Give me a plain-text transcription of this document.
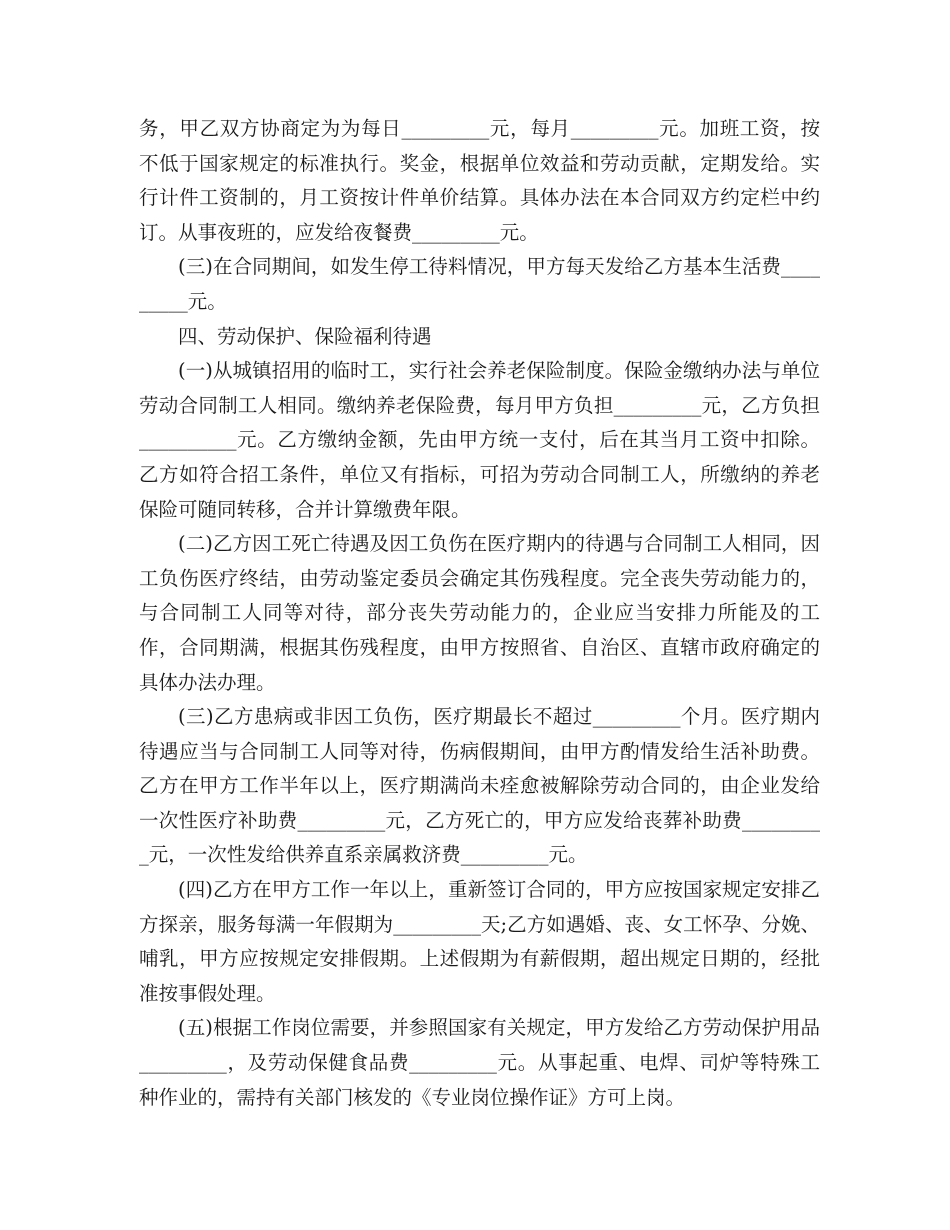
务，甲乙双方协商定为为每日_________元，每月_________元。加班工资，按不低于国家规定的标准执行。奖金，根据单位效益和劳动贡献，定期发给。实行计件工资制的，月工资按计件单价结算。具体办法在本合同双方约定栏中约订。从事夜班的，应发给夜餐费_________元。

(三)在合同期间，如发生停工待料情况，甲方每天发给乙方基本生活费_________元。

四、劳动保护、保险福利待遇

(一)从城镇招用的临时工，实行社会养老保险制度。保险金缴纳办法与单位劳动合同制工人相同。缴纳养老保险费，每月甲方负担_________元，乙方负担__________元。乙方缴纳金额，先由甲方统一支付，后在其当月工资中扣除。乙方如符合招工条件，单位又有指标，可招为劳动合同制工人，所缴纳的养老保险可随同转移，合并计算缴费年限。

(二)乙方因工死亡待遇及因工负伤在医疗期内的待遇与合同制工人相同，因工负伤医疗终结，由劳动鉴定委员会确定其伤残程度。完全丧失劳动能力的，与合同制工人同等对待，部分丧失劳动能力的，企业应当安排力所能及的工作，合同期满，根据其伤残程度，由甲方按照省、自治区、直辖市政府确定的具体办法办理。

(三)乙方患病或非因工负伤，医疗期最长不超过_________个月。医疗期内待遇应当与合同制工人同等对待，伤病假期间，由甲方酌情发给生活补助费。乙方在甲方工作半年以上，医疗期满尚未痊愈被解除劳动合同的，由企业发给一次性医疗补助费_________元，乙方死亡的，甲方应发给丧葬补助费_________元，一次性发给供养直系亲属救济费_________元。

(四)乙方在甲方工作一年以上，重新签订合同的，甲方应按国家规定安排乙方探亲，服务每满一年假期为_________天;乙方如遇婚、丧、女工怀孕、分娩、哺乳，甲方应按规定安排假期。上述假期为有薪假期，超出规定日期的，经批准按事假处理。

(五)根据工作岗位需要，并参照国家有关规定，甲方发给乙方劳动保护用品_________，及劳动保健食品费_________元。从事起重、电焊、司炉等特殊工种作业的，需持有关部门核发的《专业岗位操作证》方可上岗。
